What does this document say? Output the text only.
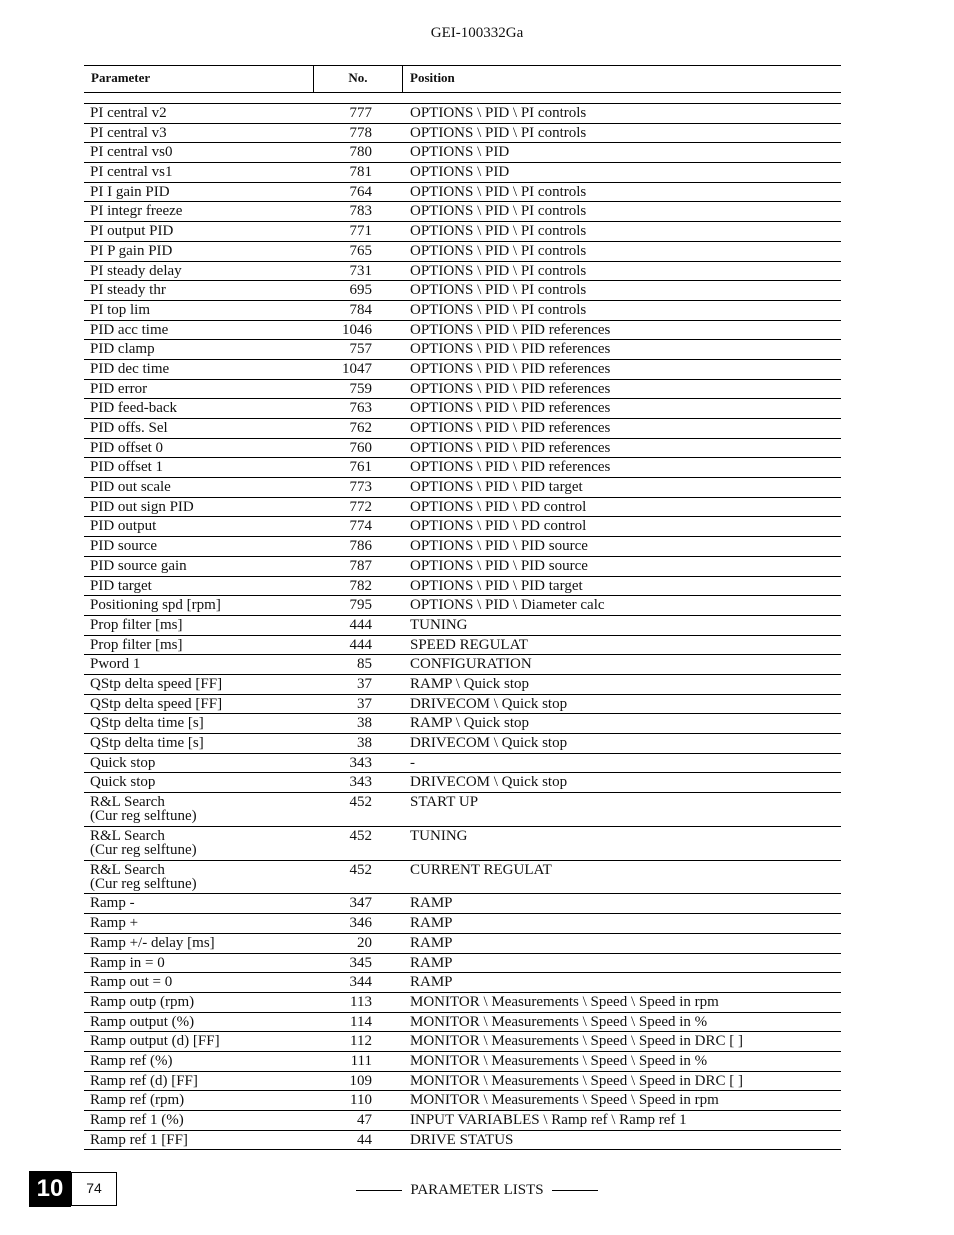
GEI-100332Ga
Parameter	No.	Position
PI central v2	777	OPTIONS \ PID \ PI controls
PI central v3	778	OPTIONS \ PID \ PI controls
PI central vs0	780	OPTIONS \ PID
PI central vs1	781	OPTIONS \ PID
PI I gain PID	764	OPTIONS \ PID \ PI controls
PI integr freeze	783	OPTIONS \ PID \ PI controls
PI output PID	771	OPTIONS \ PID \ PI controls
PI P gain PID	765	OPTIONS \ PID \ PI controls
PI steady delay	731	OPTIONS \ PID \ PI controls
PI steady thr	695	OPTIONS \ PID \ PI controls
PI top lim	784	OPTIONS \ PID \ PI controls
PID acc time	1046	OPTIONS \ PID \ PID references
PID clamp	757	OPTIONS \ PID \ PID references
PID dec time	1047	OPTIONS \ PID \ PID references
PID error	759	OPTIONS \ PID \ PID references
PID feed-back	763	OPTIONS \ PID \ PID references
PID offs. Sel	762	OPTIONS \ PID \ PID references
PID offset 0	760	OPTIONS \ PID \ PID references
PID offset 1	761	OPTIONS \ PID \ PID references
PID out scale	773	OPTIONS \ PID \ PID target
PID out sign PID	772	OPTIONS \ PID \ PD control
PID output	774	OPTIONS \ PID \ PD control
PID source	786	OPTIONS \ PID \ PID source
PID source gain	787	OPTIONS \ PID \ PID source
PID target	782	OPTIONS \ PID \ PID target
Positioning spd [rpm]	795	OPTIONS \ PID \ Diameter calc
Prop filter [ms]	444	TUNING
Prop filter [ms]	444	SPEED REGULAT
Pword 1	85	CONFIGURATION
QStp delta speed [FF]	37	RAMP \ Quick stop
QStp delta speed [FF]	37	DRIVECOM \ Quick stop
QStp delta time [s]	38	RAMP \ Quick stop
QStp delta time [s]	38	DRIVECOM \ Quick stop
Quick stop	343	-
Quick stop	343	DRIVECOM \ Quick stop
R&L Search
(Cur reg selftune)
452	START UP
R&L Search
(Cur reg selftune)
452	TUNING
R&L Search
(Cur reg selftune)
452	CURRENT REGULAT
Ramp -	347	RAMP
Ramp +	346	RAMP
Ramp +/- delay [ms]	20	RAMP
Ramp in = 0	345	RAMP
Ramp out = 0	344	RAMP
Ramp outp (rpm)	113	MONITOR \ Measurements \ Speed \ Speed in rpm
Ramp output (%)	114	MONITOR \ Measurements \ Speed \ Speed in %
Ramp output (d) [FF]	112	MONITOR \ Measurements \ Speed \ Speed in DRC [ ]
Ramp ref (%)	111	MONITOR \ Measurements \ Speed \ Speed in %
Ramp ref (d) [FF]	109	MONITOR \ Measurements \ Speed \ Speed in DRC [ ]
Ramp ref (rpm)	110	MONITOR \ Measurements \ Speed \ Speed in rpm
Ramp ref 1 (%)	47	INPUT VARIABLES \ Ramp ref \ Ramp ref 1
Ramp ref 1 [FF]	44	DRIVE STATUS
10	74	PARAMETER LISTS
